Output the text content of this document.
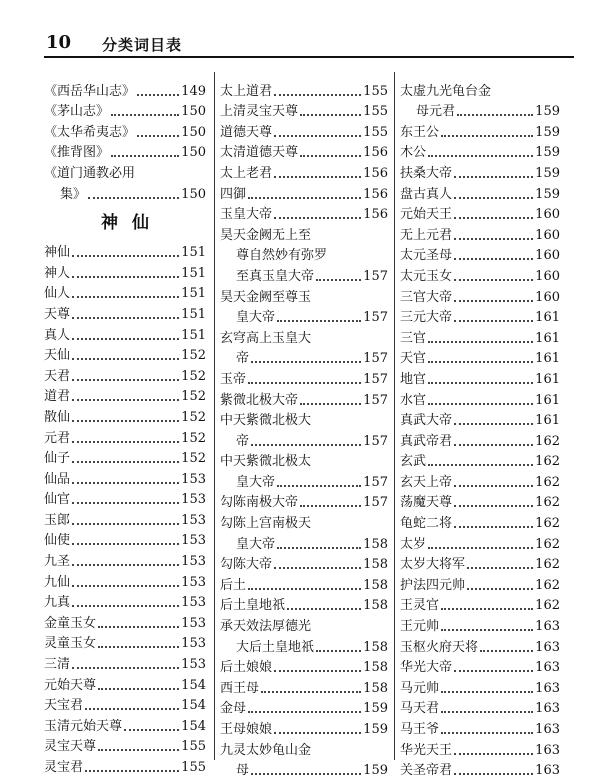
10 分类词目表
《西岳华山志》	149
《茅山志》	150
《太华希夷志》	150
《推背图》	150
《道门通教必用
集》	150
神仙
神仙	151
神人	151
仙人	151
天尊	151
真人	151
天仙	152
天君	152
道君	152
散仙	152
元君	152
仙子	152
仙品	153
仙官	153
玉郎	153
仙使	153
九圣	153
九仙	153
九真	153
金童玉女	153
灵童玉女	153
三清	153
元始天尊	154
天宝君	154
玉清元始天尊	154
灵宝天尊	155
灵宝君	155
太上道君	155
上清灵宝天尊	155
道德天尊	155
太清道德天尊	156
太上老君	156
四御	156
玉皇大帝	156
昊天金阙无上至
尊自然妙有弥罗
至真玉皇大帝	157
昊天金阙至尊玉
皇大帝	157
玄穹高上玉皇大
帝	157
玉帝	157
紫微北极大帝	157
中天紫微北极大
帝	157
中天紫微北极太
皇大帝	157
勾陈南极大帝	157
勾陈上宫南极天
皇大帝	158
勾陈大帝	158
后土	158
后土皇地祇	158
承天效法厚德光
大后土皇地祇	158
后土娘娘	158
西王母	158
金母	159
王母娘娘	159
九灵太妙龟山金
母	159
太虚九光龟台金
母元君	159
东王公	159
木公	159
扶桑大帝	159
盘古真人	159
元始天王	160
无上元君	160
太元圣母	160
太元玉女	160
三官大帝	160
三元大帝	161
三官	161
天官	161
地官	161
水官	161
真武大帝	161
真武帝君	162
玄武	162
玄天上帝	162
荡魔天尊	162
龟蛇二将	162
太岁	162
太岁大将军	162
护法四元帅	162
王灵官	162
王元帅	163
玉枢火府天将	163
华光大帝	163
马元帅	163
马天君	163
马王爷	163
华光天王	163
关圣帝君	163
